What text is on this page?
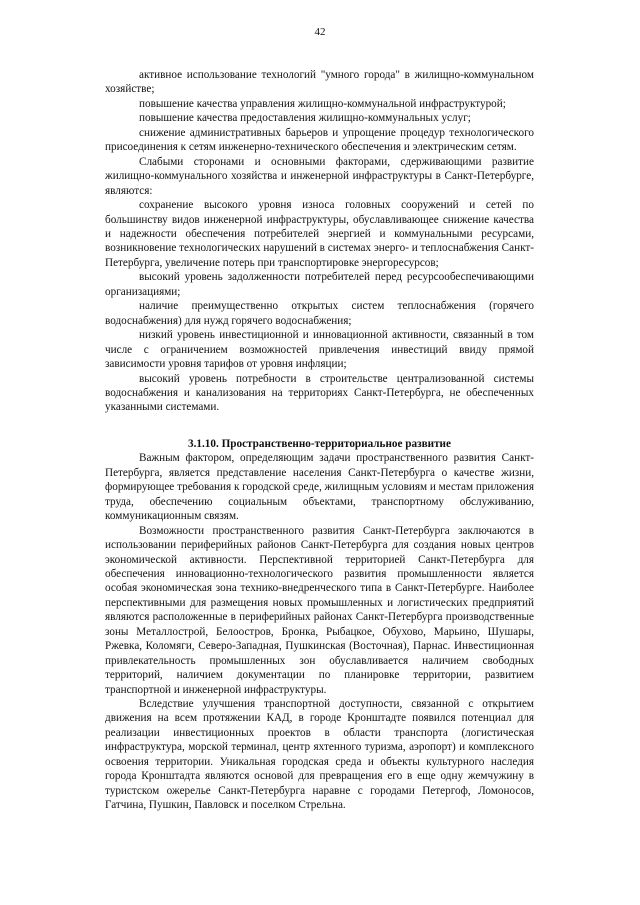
42

активное использование технологий "умного города" в жилищно-коммунальном хозяйстве;

повышение качества управления жилищно-коммунальной инфраструктурой;

повышение качества предоставления жилищно-коммунальных услуг;

снижение административных барьеров и упрощение процедур технологического присоединения к сетям инженерно-технического обеспечения и электрическим сетям.

Слабыми сторонами и основными факторами, сдерживающими развитие жилищно-коммунального хозяйства и инженерной инфраструктуры в Санкт-Петербурге, являются:

сохранение высокого уровня износа головных сооружений и сетей по большинству видов инженерной инфраструктуры, обуславливающее снижение качества и надежности обеспечения потребителей энергией и коммунальными ресурсами, возникновение технологических нарушений в системах энерго- и теплоснабжения Санкт-Петербурга, увеличение потерь при транспортировке энергоресурсов;

высокий уровень задолженности потребителей перед ресурсообеспечивающими организациями;

наличие преимущественно открытых систем теплоснабжения (горячего водоснабжения) для нужд горячего водоснабжения;

низкий уровень инвестиционной и инновационной активности, связанный в том числе с ограничением возможностей привлечения инвестиций ввиду прямой зависимости уровня тарифов от уровня инфляции;

высокий уровень потребности в строительстве централизованной системы водоснабжения и канализования на территориях Санкт-Петербурга, не обеспеченных указанными системами.

3.1.10. Пространственно-территориальное развитие

Важным фактором, определяющим задачи пространственного развития Санкт-Петербурга, является представление населения Санкт-Петербурга о качестве жизни, формирующее требования к городской среде, жилищным условиям и местам приложения труда, обеспечению социальным объектами, транспортному обслуживанию, коммуникационным связям.

Возможности пространственного развития Санкт-Петербурга заключаются в использовании периферийных районов Санкт-Петербурга для создания новых центров экономической активности. Перспективной территорией Санкт-Петербурга для обеспечения инновационно-технологического развития промышленности является особая экономическая зона технико-внедренческого типа в Санкт-Петербурге. Наиболее перспективными для размещения новых промышленных и логистических предприятий являются расположенные в периферийных районах Санкт-Петербурга производственные зоны Металлострой, Белоостров, Бронка, Рыбацкое, Обухово, Марьино, Шушары, Ржевка, Коломяги, Северо-Западная, Пушкинская (Восточная), Парнас. Инвестиционная привлекательность промышленных зон обуславливается наличием свободных территорий, наличием документации по планировке территории, развитием транспортной и инженерной инфраструктуры.

Вследствие улучшения транспортной доступности, связанной с открытием движения на всем протяжении КАД, в городе Кронштадте появился потенциал для реализации инвестиционных проектов в области транспорта (логистическая инфраструктура, морской терминал, центр яхтенного туризма, аэропорт) и комплексного освоения территории. Уникальная городская среда и объекты культурного наследия города Кронштадта являются основой для превращения его в еще одну жемчужину в туристском ожерелье Санкт-Петербурга наравне с городами Петергоф, Ломоносов, Гатчина, Пушкин, Павловск и поселком Стрельна.
